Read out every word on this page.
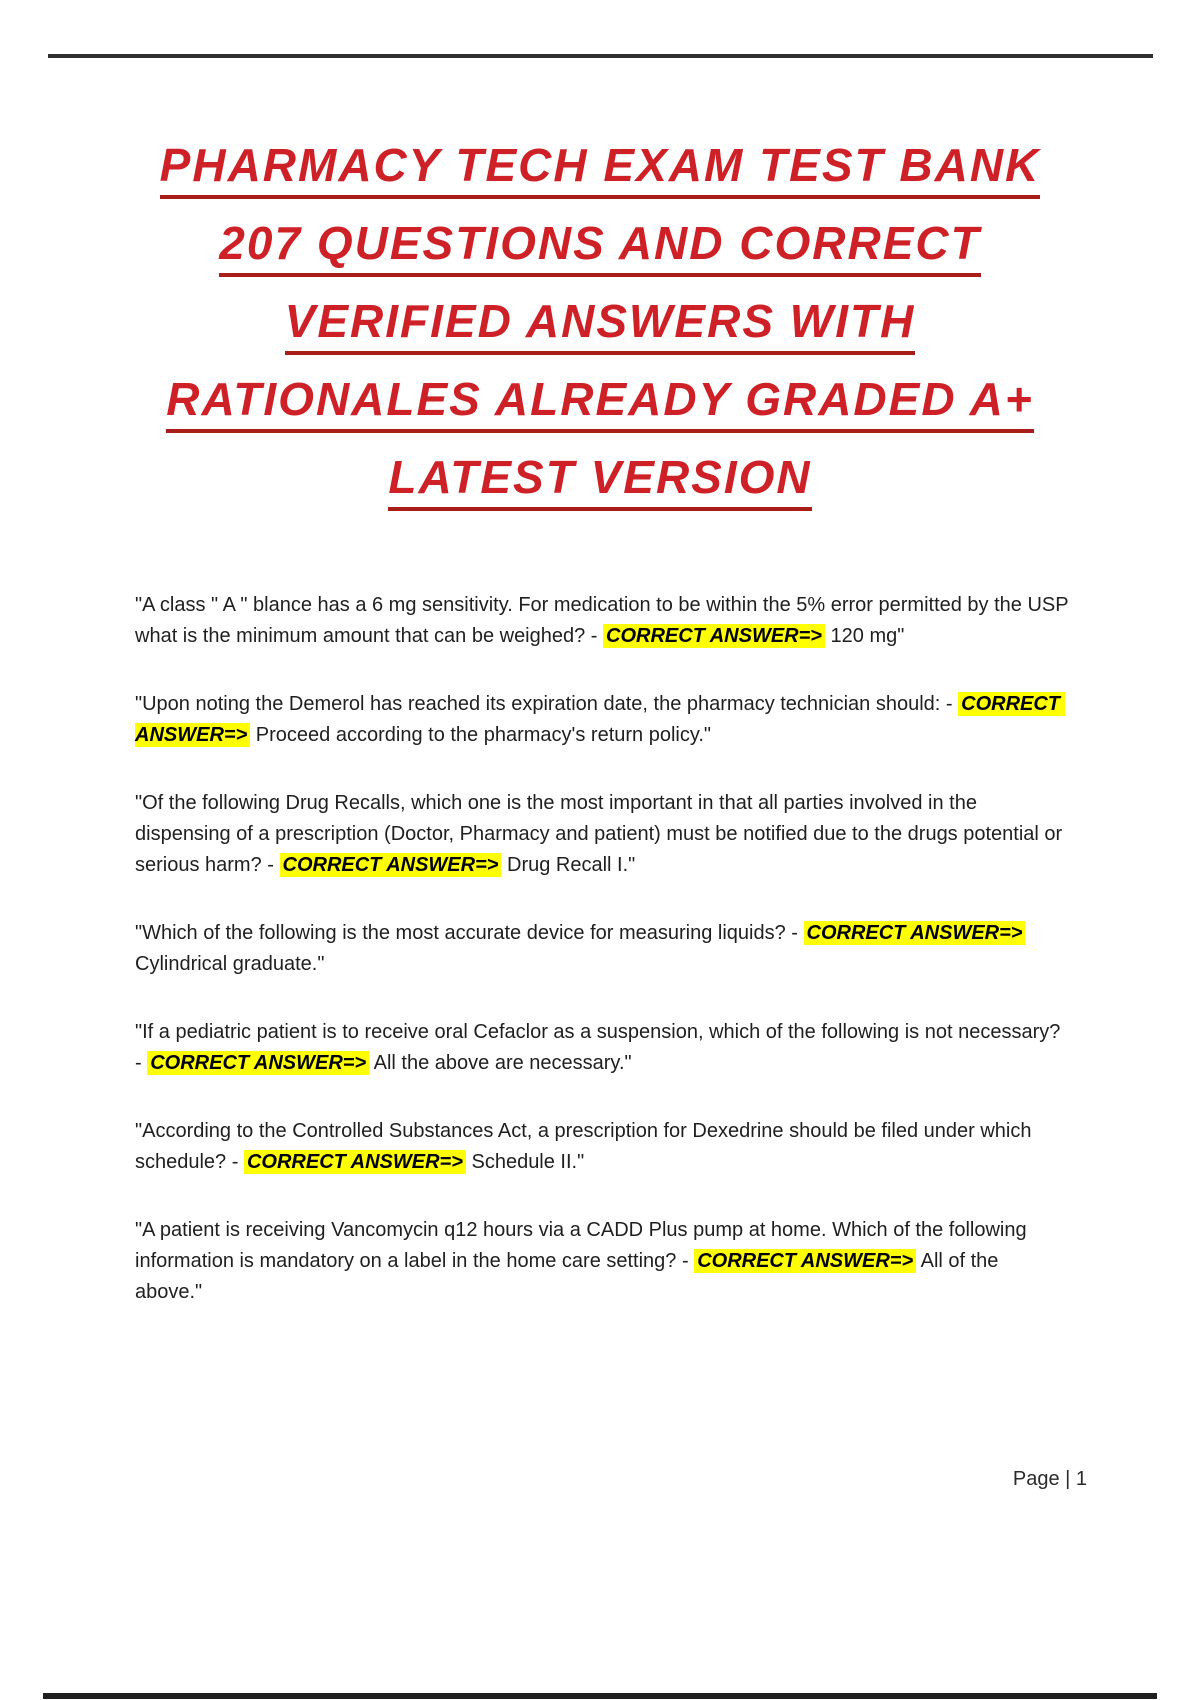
PHARMACY TECH EXAM TEST BANK
207 QUESTIONS AND CORRECT
VERIFIED ANSWERS WITH
RATIONALES ALREADY GRADED A+
LATEST VERSION

"A class " A " blance has a 6 mg sensitivity. For medication to be within the 5% error permitted by the USP what is the minimum amount that can be weighed? - CORRECT ANSWER=> 120 mg"

"Upon noting the Demerol has reached its expiration date, the pharmacy technician should: - CORRECT ANSWER=> Proceed according to the pharmacy's return policy."

"Of the following Drug Recalls, which one is the most important in that all parties involved in the dispensing of a prescription (Doctor, Pharmacy and patient) must be notified due to the drugs potential or serious harm? - CORRECT ANSWER=> Drug Recall I."

"Which of the following is the most accurate device for measuring liquids? - CORRECT ANSWER=> Cylindrical graduate."

"If a pediatric patient is to receive oral Cefaclor as a suspension, which of the following is not necessary? - CORRECT ANSWER=> All the above are necessary."

"According to the Controlled Substances Act, a prescription for Dexedrine should be filed under which schedule? - CORRECT ANSWER=> Schedule II."

"A patient is receiving Vancomycin q12 hours via a CADD Plus pump at home. Which of the following information is mandatory on a label in the home care setting? - CORRECT ANSWER=> All of the above."

Page | 1
